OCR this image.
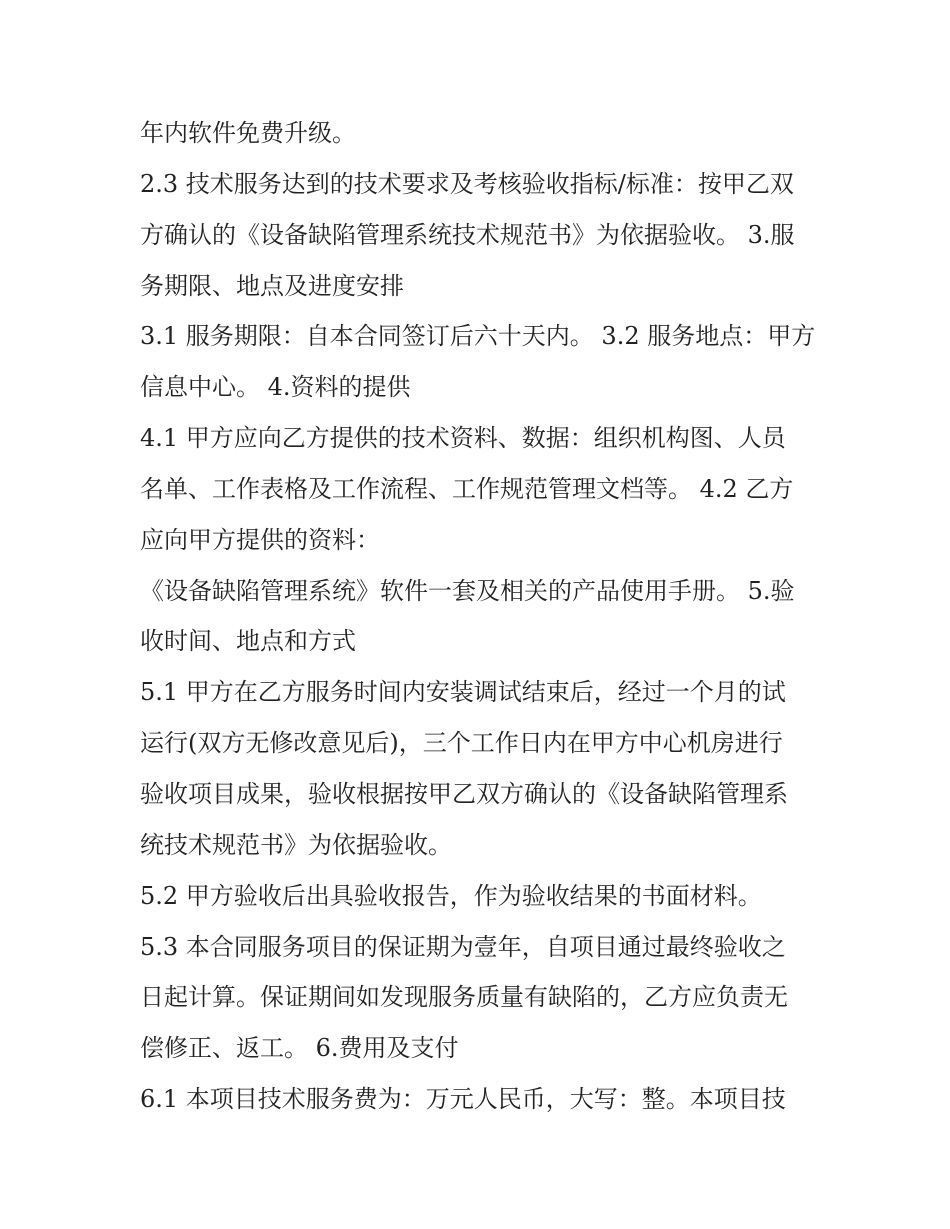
年内软件免费升级。

2.3 技术服务达到的技术要求及考核验收指标/标准：按甲乙双

方确认的《设备缺陷管理系统技术规范书》为依据验收。 3.服

务期限、地点及进度安排

3.1 服务期限：自本合同签订后六十天内。 3.2 服务地点：甲方

信息中心。 4.资料的提供

4.1 甲方应向乙方提供的技术资料、数据：组织机构图、人员

名单、工作表格及工作流程、工作规范管理文档等。 4.2 乙方

应向甲方提供的资料：

《设备缺陷管理系统》软件一套及相关的产品使用手册。 5.验

收时间、地点和方式

5.1 甲方在乙方服务时间内安装调试结束后，经过一个月的试

运行(双方无修改意见后)，三个工作日内在甲方中心机房进行

验收项目成果，验收根据按甲乙双方确认的《设备缺陷管理系

统技术规范书》为依据验收。

5.2 甲方验收后出具验收报告，作为验收结果的书面材料。

5.3 本合同服务项目的保证期为壹年，自项目通过最终验收之

日起计算。保证期间如发现服务质量有缺陷的，乙方应负责无

偿修正、返工。 6.费用及支付

6.1 本项目技术服务费为：万元人民币，大写：整。本项目技
